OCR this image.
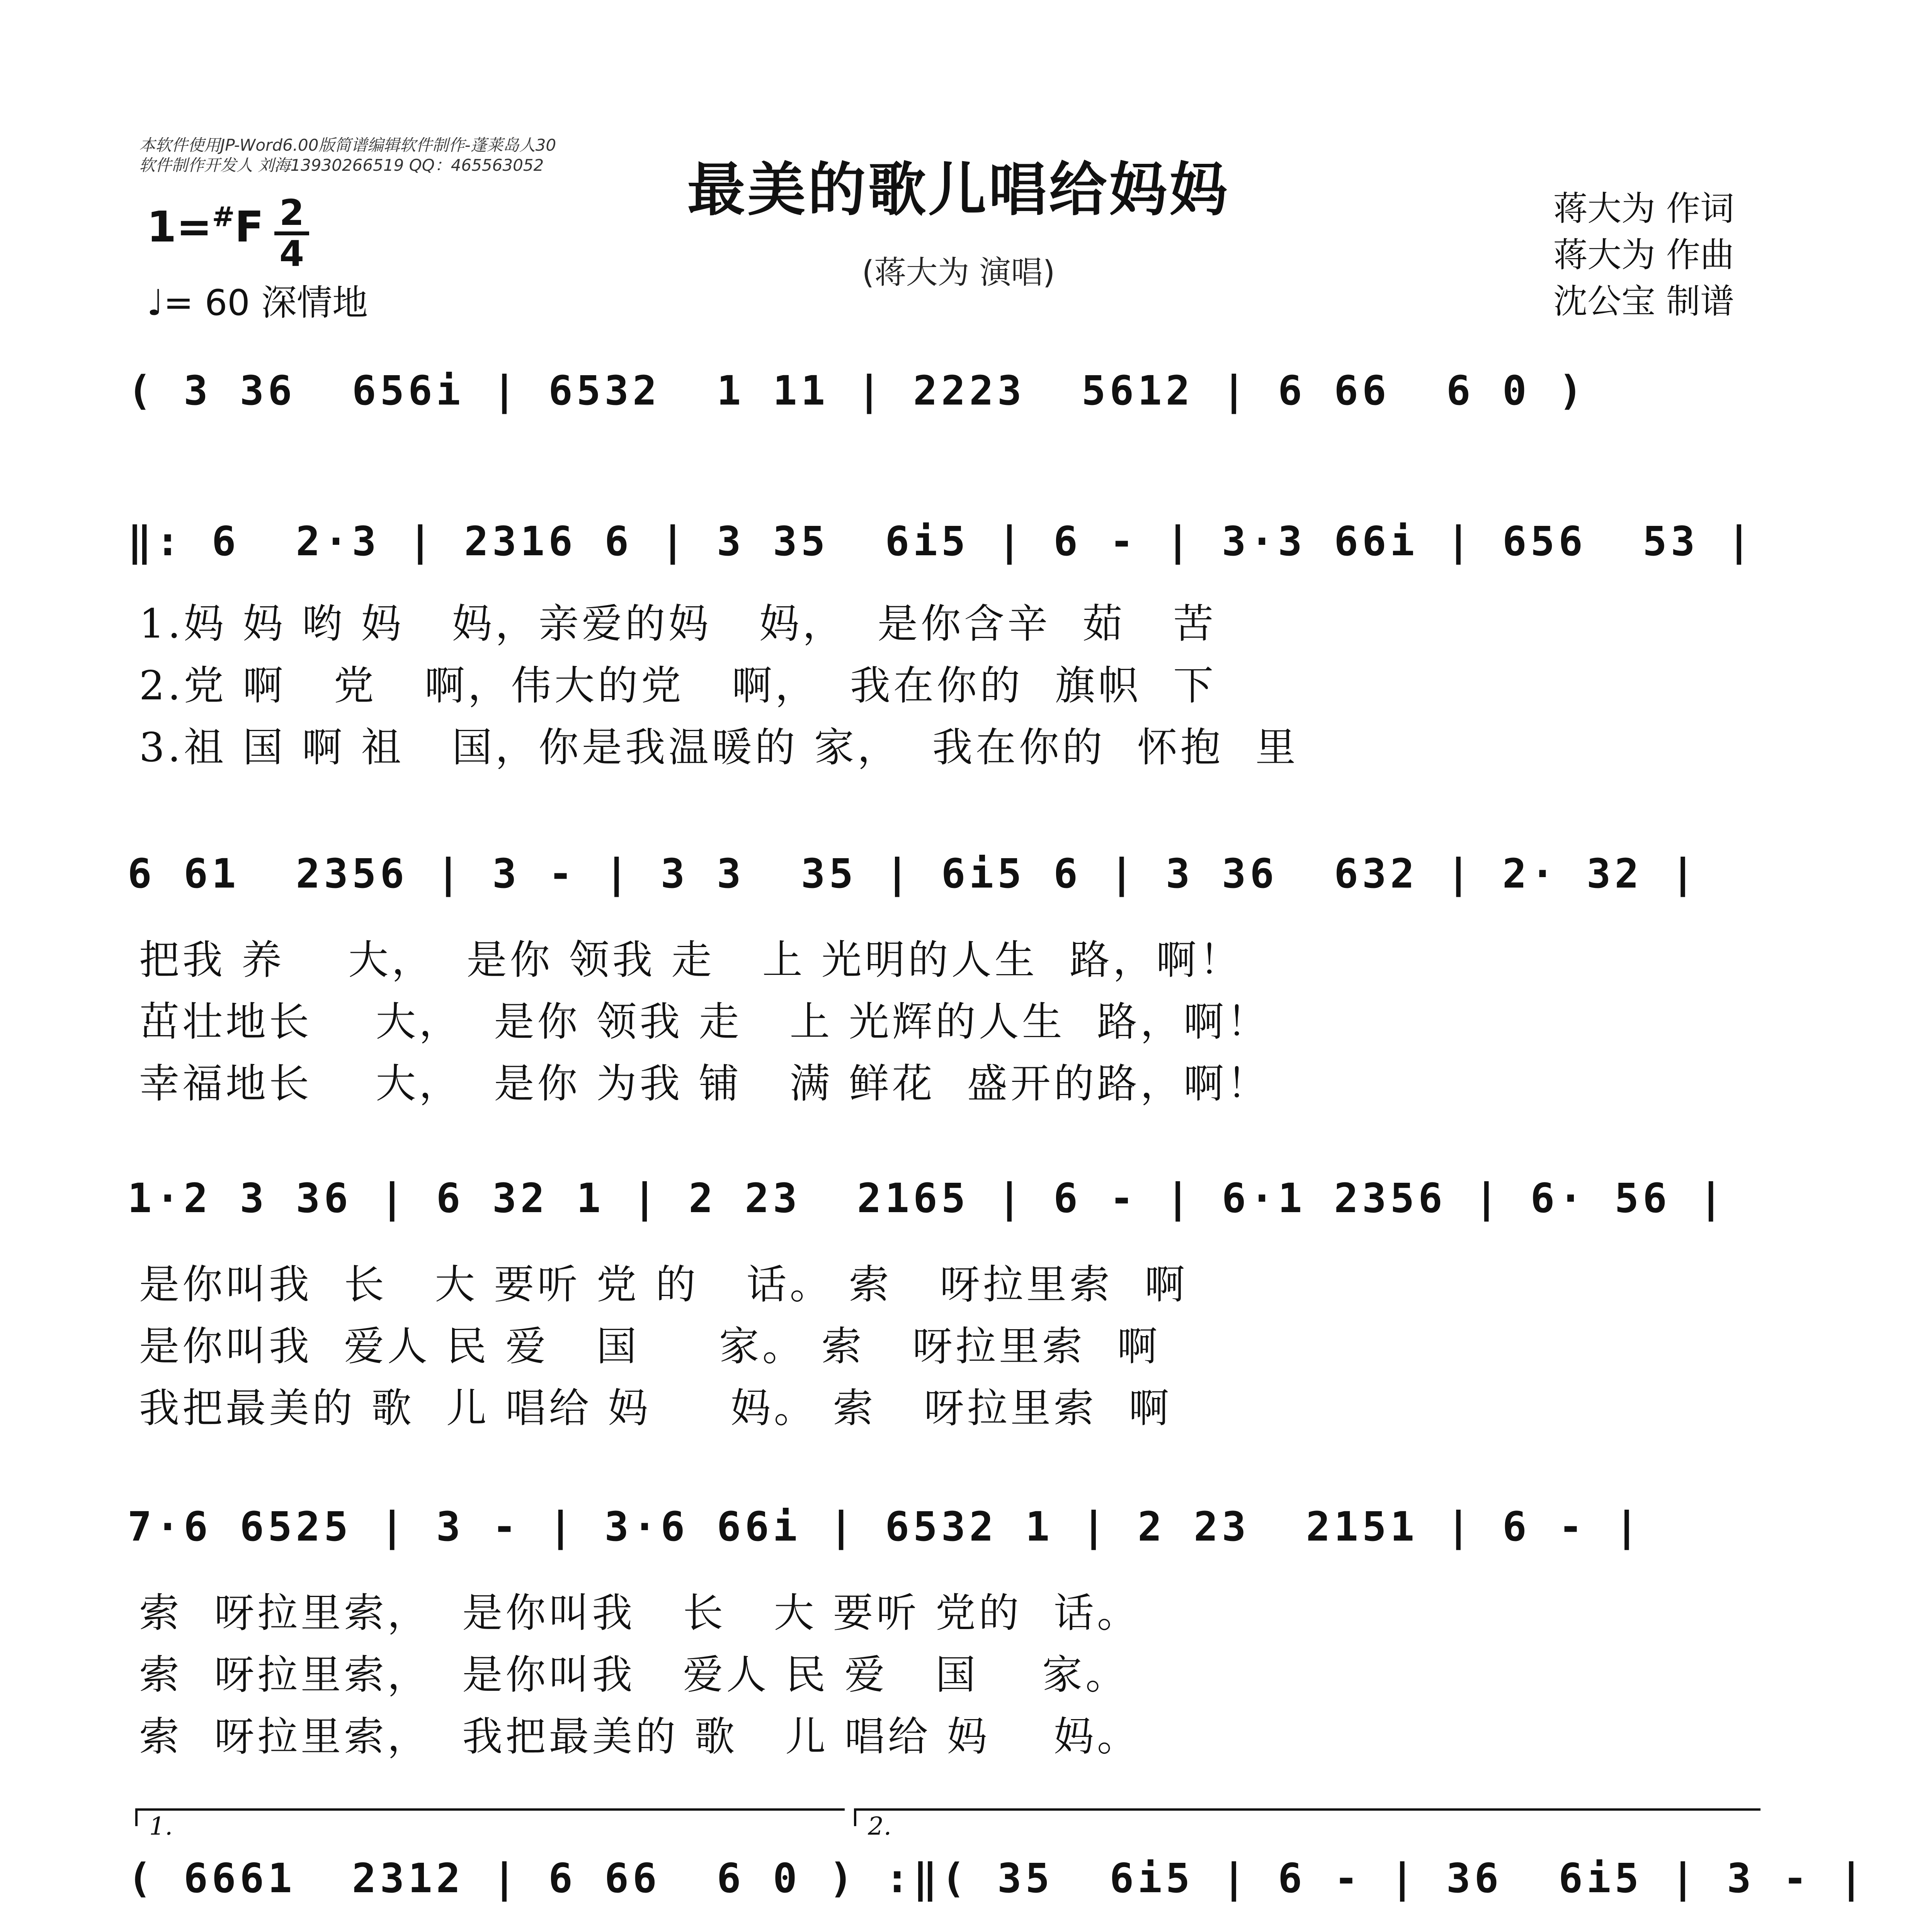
本软件使用JP-Word6.00版简谱编辑软件制作-蓬莱岛人30
软件制作开发人 刘海13930266519 QQ：465563052	最美的歌儿唱给妈妈
(蒋大为 演唱)
蒋大为 作词
蒋大为 作曲
沈公宝 制谱
1=#F 2
4
♩= 60 深情地
( 3 36  656i | 6532  1 11 | 2223  5612 | 6 66  6 0 )
‖: 6  2·3 | 2316 6 | 3 35  6i5 | 6 - | 3·3 66i | 656  53 |
1.妈 妈 哟 妈   妈，亲爱的妈   妈，  是你含辛  茹   苦
2.党 啊   党   啊，伟大的党   啊，  我在你的  旗帜  下
3.祖 国 啊 祖   国，你是我温暖的 家，  我在你的  怀抱  里
6 61  2356 | 3 - | 3 3  35 | 6i5 6 | 3 36  632 | 2· 32 |
把我 养    大，  是你 领我 走   上 光明的人生  路，啊！
茁壮地长    大，  是你 领我 走   上 光辉的人生  路，啊！
幸福地长    大，  是你 为我 铺   满 鲜花  盛开的路，啊！
1·2 3 36 | 6 32 1 | 2 23  2165 | 6 - | 6·1 2356 | 6· 56 |
是你叫我  长   大 要听 党 的   话。 索   呀拉里索  啊
是你叫我  爱人 民 爱   国     家。 索   呀拉里索  啊
我把最美的 歌  儿 唱给 妈     妈。 索   呀拉里索  啊
7·6 6525 | 3 - | 3·6 66i | 6532 1 | 2 23  2151 | 6 - |
索  呀拉里索，  是你叫我   长   大 要听 党的  话。
索  呀拉里索，  是你叫我   爱人 民 爱   国    家。
索  呀拉里索，  我把最美的 歌   儿 唱给 妈    妈。
1.	2.
( 6661  2312 | 6 66  6 0 ) :‖( 35  6i5 | 6 - | 36  6i5 | 3 - |
